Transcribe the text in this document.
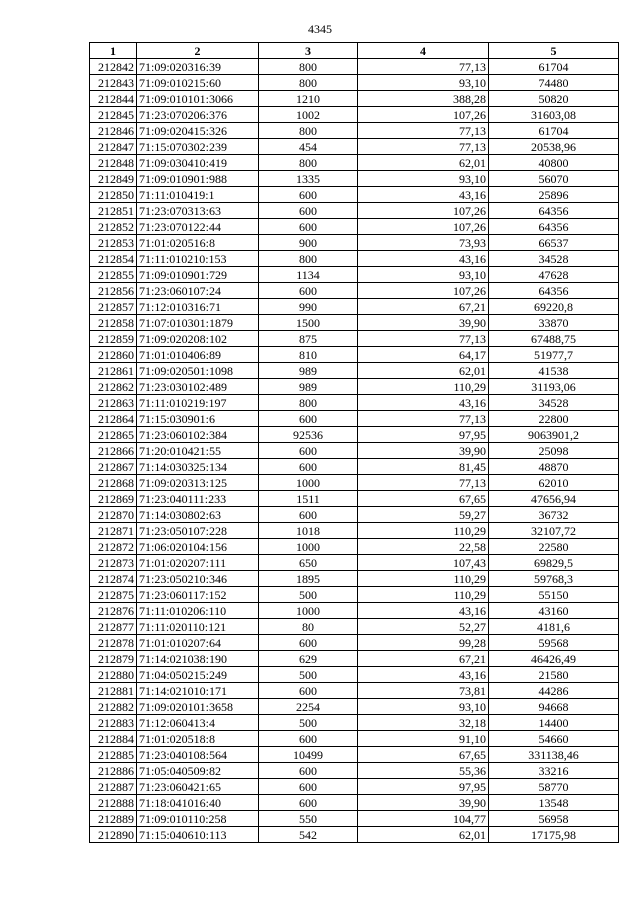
4345
1	2	3	4	5
212842	71:09:020316:39	800	77,13	61704
212843	71:09:010215:60	800	93,10	74480
212844	71:09:010101:3066	1210	388,28	50820
212845	71:23:070206:376	1002	107,26	31603,08
212846	71:09:020415:326	800	77,13	61704
212847	71:15:070302:239	454	77,13	20538,96
212848	71:09:030410:419	800	62,01	40800
212849	71:09:010901:988	1335	93,10	56070
212850	71:11:010419:1	600	43,16	25896
212851	71:23:070313:63	600	107,26	64356
212852	71:23:070122:44	600	107,26	64356
212853	71:01:020516:8	900	73,93	66537
212854	71:11:010210:153	800	43,16	34528
212855	71:09:010901:729	1134	93,10	47628
212856	71:23:060107:24	600	107,26	64356
212857	71:12:010316:71	990	67,21	69220,8
212858	71:07:010301:1879	1500	39,90	33870
212859	71:09:020208:102	875	77,13	67488,75
212860	71:01:010406:89	810	64,17	51977,7
212861	71:09:020501:1098	989	62,01	41538
212862	71:23:030102:489	989	110,29	31193,06
212863	71:11:010219:197	800	43,16	34528
212864	71:15:030901:6	600	77,13	22800
212865	71:23:060102:384	92536	97,95	9063901,2
212866	71:20:010421:55	600	39,90	25098
212867	71:14:030325:134	600	81,45	48870
212868	71:09:020313:125	1000	77,13	62010
212869	71:23:040111:233	1511	67,65	47656,94
212870	71:14:030802:63	600	59,27	36732
212871	71:23:050107:228	1018	110,29	32107,72
212872	71:06:020104:156	1000	22,58	22580
212873	71:01:020207:111	650	107,43	69829,5
212874	71:23:050210:346	1895	110,29	59768,3
212875	71:23:060117:152	500	110,29	55150
212876	71:11:010206:110	1000	43,16	43160
212877	71:11:020110:121	80	52,27	4181,6
212878	71:01:010207:64	600	99,28	59568
212879	71:14:021038:190	629	67,21	46426,49
212880	71:04:050215:249	500	43,16	21580
212881	71:14:021010:171	600	73,81	44286
212882	71:09:020101:3658	2254	93,10	94668
212883	71:12:060413:4	500	32,18	14400
212884	71:01:020518:8	600	91,10	54660
212885	71:23:040108:564	10499	67,65	331138,46
212886	71:05:040509:82	600	55,36	33216
212887	71:23:060421:65	600	97,95	58770
212888	71:18:041016:40	600	39,90	13548
212889	71:09:010110:258	550	104,77	56958
212890	71:15:040610:113	542	62,01	17175,98
